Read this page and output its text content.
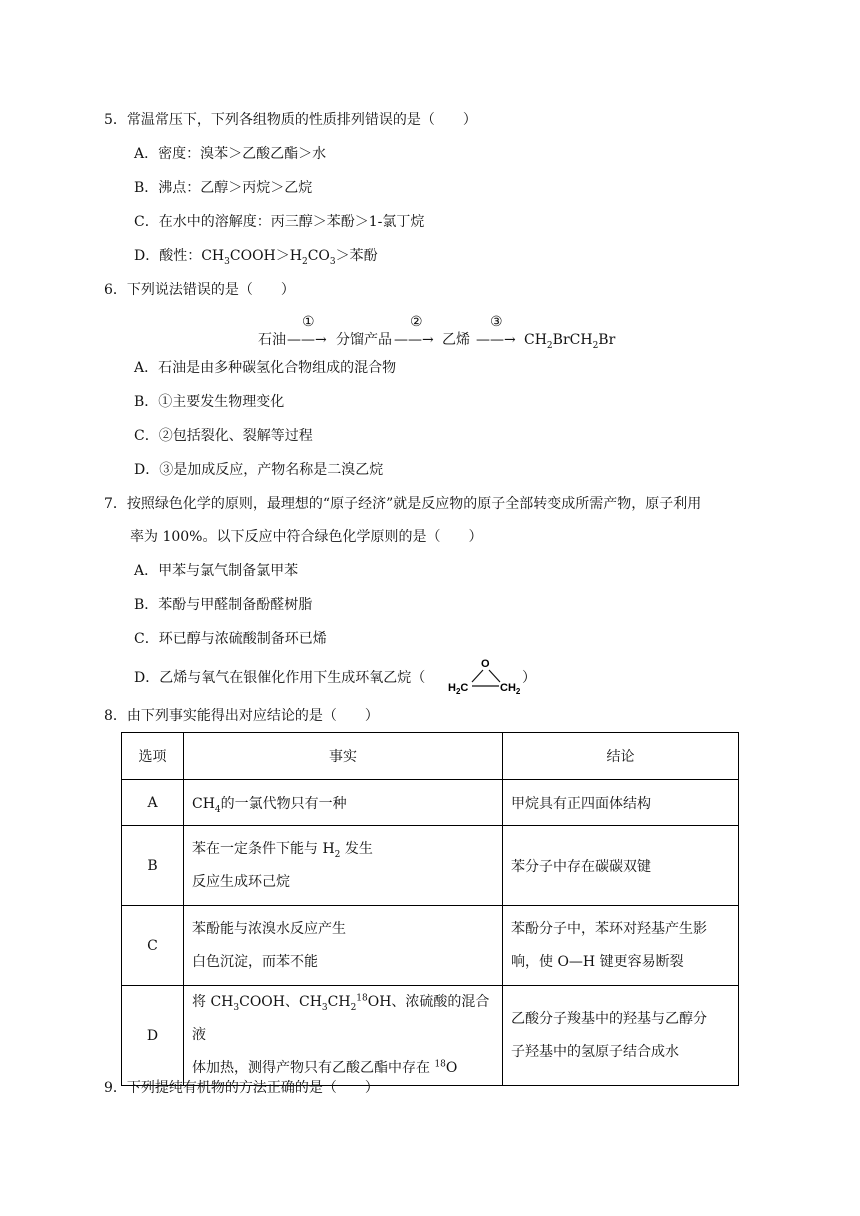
5．常温常压下，下列各组物质的性质排列错误的是（　　）
A．密度：溴苯＞乙酸乙酯＞水
B．沸点：乙醇＞丙烷＞乙烷
C．在水中的溶解度：丙三醇＞苯酚＞1-氯丁烷
D．酸性：$CH_3COOH>H_2CO_3>$苯酚
6．下列说法错误的是（　　）
石油
①
——→ 分馏产品
②
——→ 乙烯
③
——→ $CH_2BrCH_2Br$
A．石油是由多种碳氢化合物组成的混合物
B．①主要发生物理变化
C．②包括裂化、裂解等过程
D．③是加成反应，产物名称是二溴乙烷
7．按照绿色化学的原则，最理想的“原子经济”就是反应物的原子全部转变成所需产物，原子利用
率为 100%。以下反应中符合绿色化学原则的是（　　）
A．甲苯与氯气制备氯甲苯
B．苯酚与甲醛制备酚醛树脂
C．环已醇与浓硫酸制备环已烯
D．乙烯与氧气在银催化作用下生成环氧乙烷（
O
$H_2C$	$CH_2$
）
8．由下列事实能得出对应结论的是（　　）
选项	事实	结论
A	$CH_4$的一氯代物只有一种	甲烷具有正四面体结构
B	苯在一定条件下能与 $H_2$ 发生
反应生成环己烷	苯分子中存在碳碳双键
C	苯酚能与浓溴水反应产生
白色沉淀，而苯不能	苯酚分子中，苯环对羟基产生影
响，使 O—H 键更容易断裂
D	将 $CH_3COOH$、$CH_3CH_2^{18}OH$、浓硫酸的混合液
体加热，测得产物只有乙酸乙酯中存在 $^{18}$O	乙酸分子羧基中的羟基与乙醇分
子羟基中的氢原子结合成水
9．下列提纯有机物的方法正确的是（　　）
